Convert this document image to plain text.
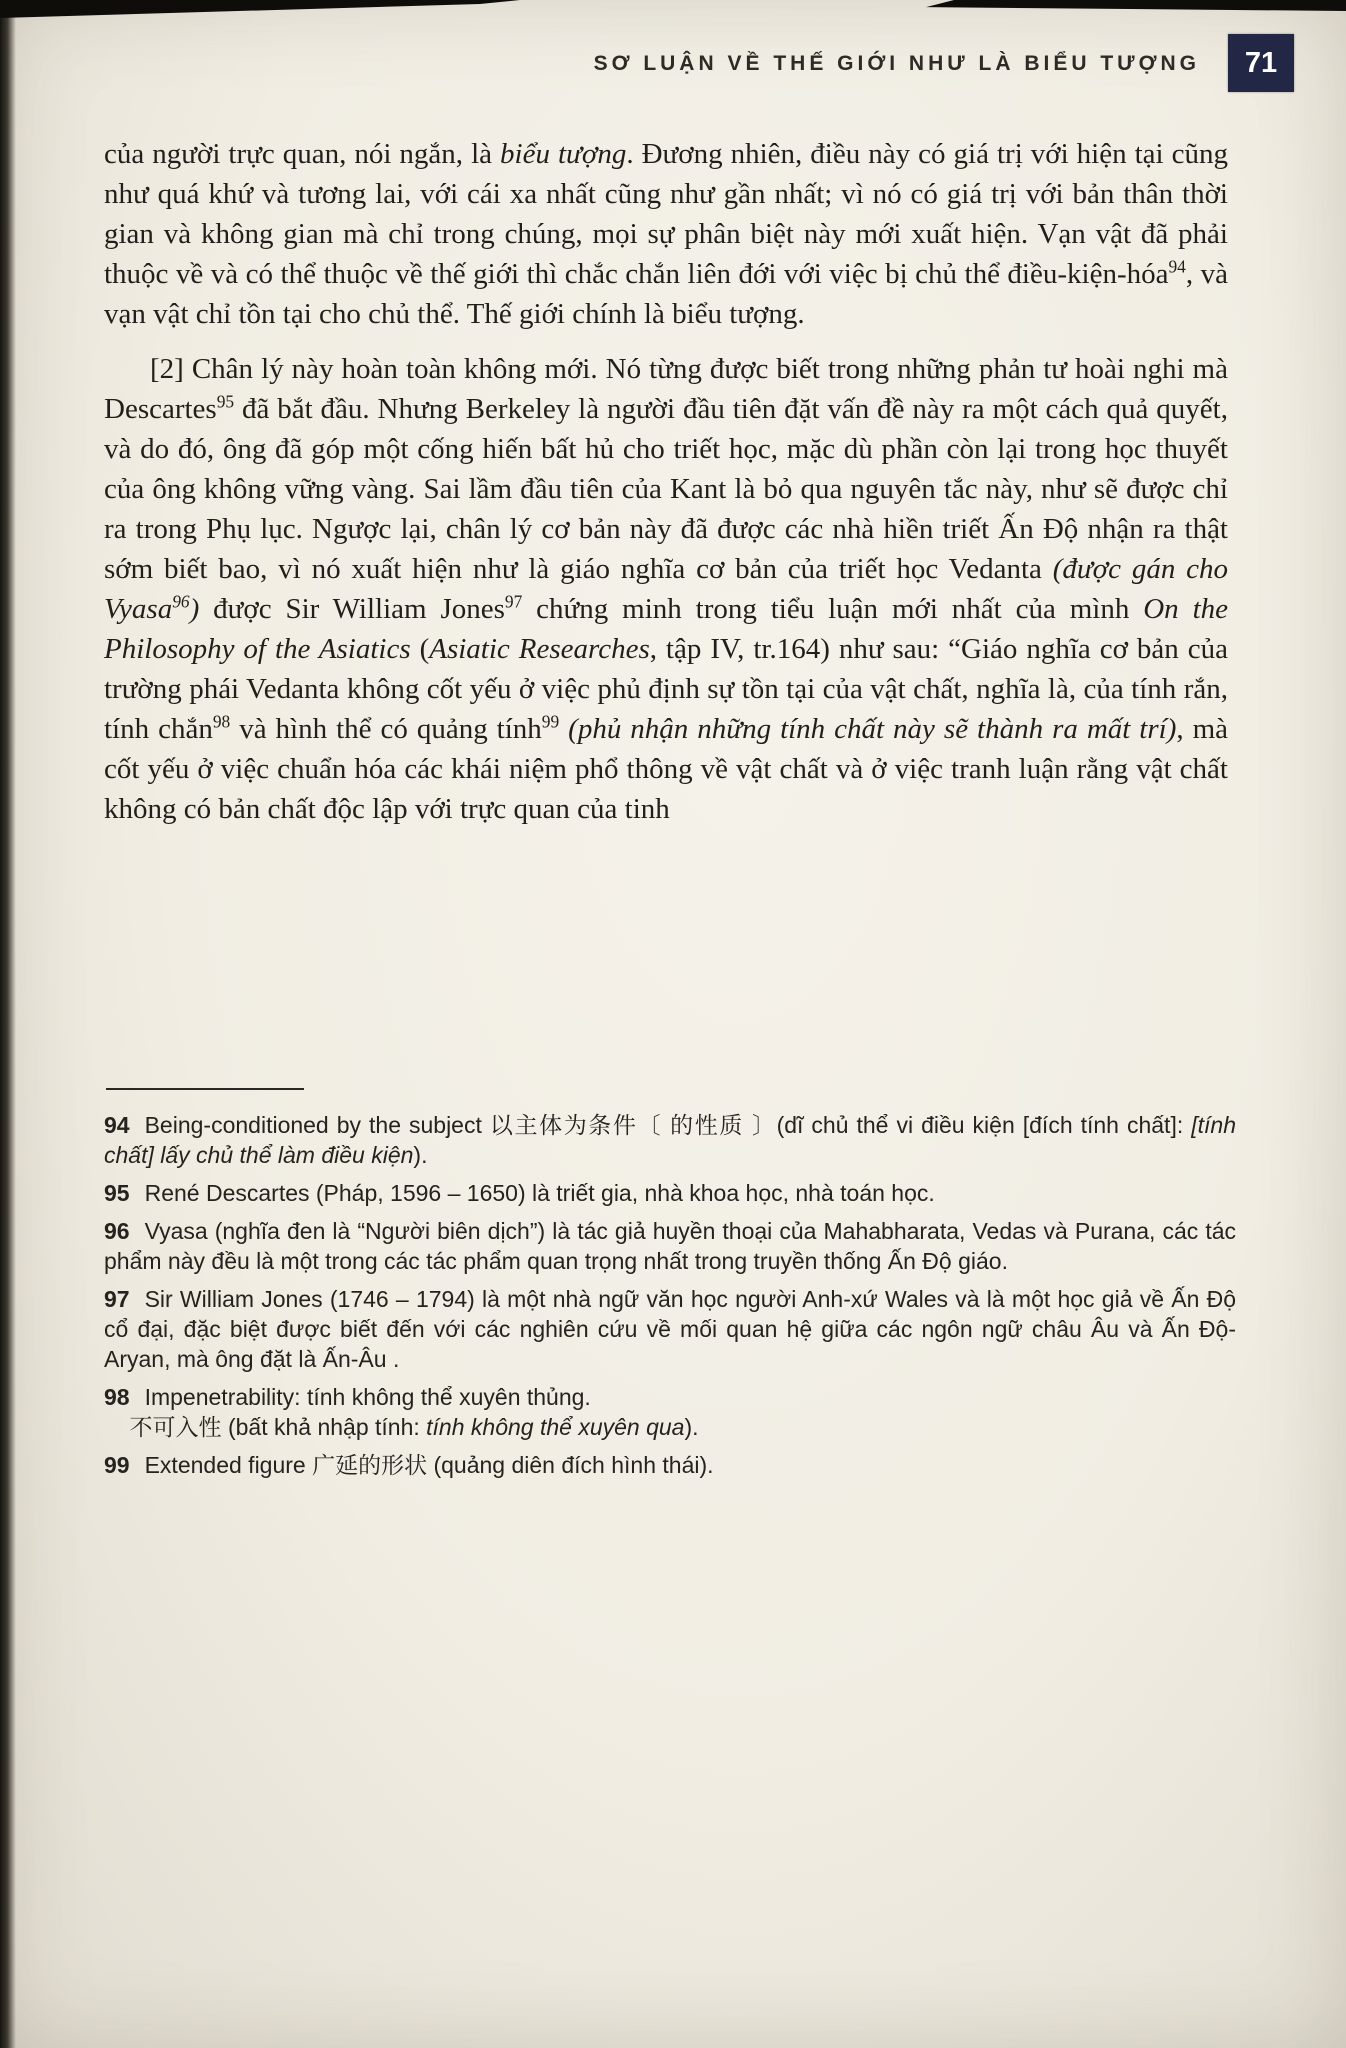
SƠ LUẬN VỀ THẾ GIỚI NHƯ LÀ BIỂU TƯỢNG 71

của người trực quan, nói ngắn, là biểu tượng. Đương nhiên, điều này có giá trị với hiện tại cũng như quá khứ và tương lai, với cái xa nhất cũng như gần nhất; vì nó có giá trị với bản thân thời gian và không gian mà chỉ trong chúng, mọi sự phân biệt này mới xuất hiện. Vạn vật đã phải thuộc về và có thể thuộc về thế giới thì chắc chắn liên đới với việc bị chủ thể điều-kiện-hóa$^{94}$, và vạn vật chỉ tồn tại cho chủ thể. Thế giới chính là biểu tượng.

[2] Chân lý này hoàn toàn không mới. Nó từng được biết trong những phản tư hoài nghi mà Descartes$^{95}$ đã bắt đầu. Nhưng Berkeley là người đầu tiên đặt vấn đề này ra một cách quả quyết, và do đó, ông đã góp một cống hiến bất hủ cho triết học, mặc dù phần còn lại trong học thuyết của ông không vững vàng. Sai lầm đầu tiên của Kant là bỏ qua nguyên tắc này, như sẽ được chỉ ra trong Phụ lục. Ngược lại, chân lý cơ bản này đã được các nhà hiền triết Ấn Độ nhận ra thật sớm biết bao, vì nó xuất hiện như là giáo nghĩa cơ bản của triết học Vedanta (được gán cho Vyasa$^{96}$) được Sir William Jones$^{97}$ chứng minh trong tiểu luận mới nhất của mình On the Philosophy of the Asiatics (Asiatic Researches, tập IV, tr.164) như sau: “Giáo nghĩa cơ bản của trường phái Vedanta không cốt yếu ở việc phủ định sự tồn tại của vật chất, nghĩa là, của tính rắn, tính chắn$^{98}$ và hình thể có quảng tính$^{99}$ (phủ nhận những tính chất này sẽ thành ra mất trí), mà cốt yếu ở việc chuẩn hóa các khái niệm phổ thông về vật chất và ở việc tranh luận rằng vật chất không có bản chất độc lập với trực quan của tinh

94 Being-conditioned by the subject 以主体为条件〔 的性质 〕(dĩ chủ thể vi điều kiện [đích tính chất]: [tính chất] lấy chủ thể làm điều kiện).

95 René Descartes (Pháp, 1596 – 1650) là triết gia, nhà khoa học, nhà toán học.

96 Vyasa (nghĩa đen là “Người biên dịch”) là tác giả huyền thoại của Mahabharata, Vedas và Purana, các tác phẩm này đều là một trong các tác phẩm quan trọng nhất trong truyền thống Ấn Độ giáo.

97 Sir William Jones (1746 – 1794) là một nhà ngữ văn học người Anh-xứ Wales và là một học giả về Ấn Độ cổ đại, đặc biệt được biết đến với các nghiên cứu về mối quan hệ giữa các ngôn ngữ châu Âu và Ấn Độ-Aryan, mà ông đặt là Ấn-Âu .

98 Impenetrability: tính không thể xuyên thủng.
不可入性 (bất khả nhập tính: tính không thể xuyên qua).

99 Extended figure 广延的形状 (quảng diên đích hình thái).
